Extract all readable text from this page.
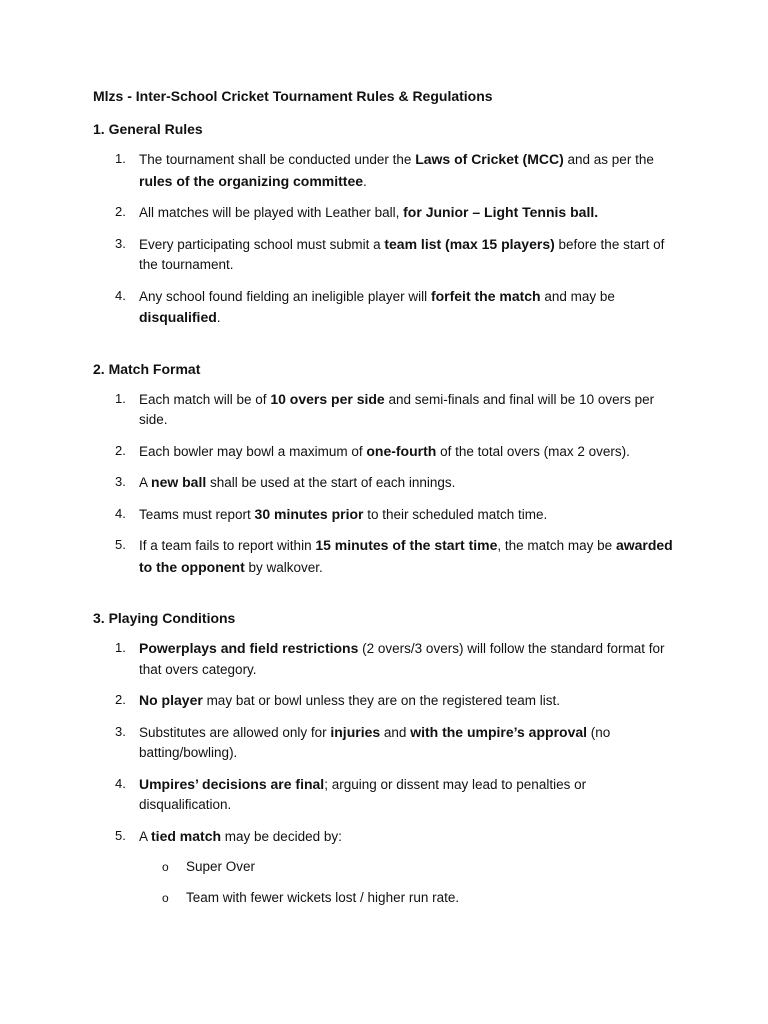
Mlzs - Inter-School Cricket Tournament Rules & Regulations
1. General Rules
1. The tournament shall be conducted under the Laws of Cricket (MCC) and as per the rules of the organizing committee.
2. All matches will be played with Leather ball, for Junior – Light Tennis ball.
3. Every participating school must submit a team list (max 15 players) before the start of the tournament.
4. Any school found fielding an ineligible player will forfeit the match and may be disqualified.
2. Match Format
1. Each match will be of 10 overs per side and semi-finals and final will be 10 overs per side.
2. Each bowler may bowl a maximum of one-fourth of the total overs (max 2 overs).
3. A new ball shall be used at the start of each innings.
4. Teams must report 30 minutes prior to their scheduled match time.
5. If a team fails to report within 15 minutes of the start time, the match may be awarded to the opponent by walkover.
3. Playing Conditions
1. Powerplays and field restrictions (2 overs/3 overs) will follow the standard format for that overs category.
2. No player may bat or bowl unless they are on the registered team list.
3. Substitutes are allowed only for injuries and with the umpire’s approval (no batting/bowling).
4. Umpires’ decisions are final; arguing or dissent may lead to penalties or disqualification.
5. A tied match may be decided by:
o Super Over
o Team with fewer wickets lost / higher run rate.
